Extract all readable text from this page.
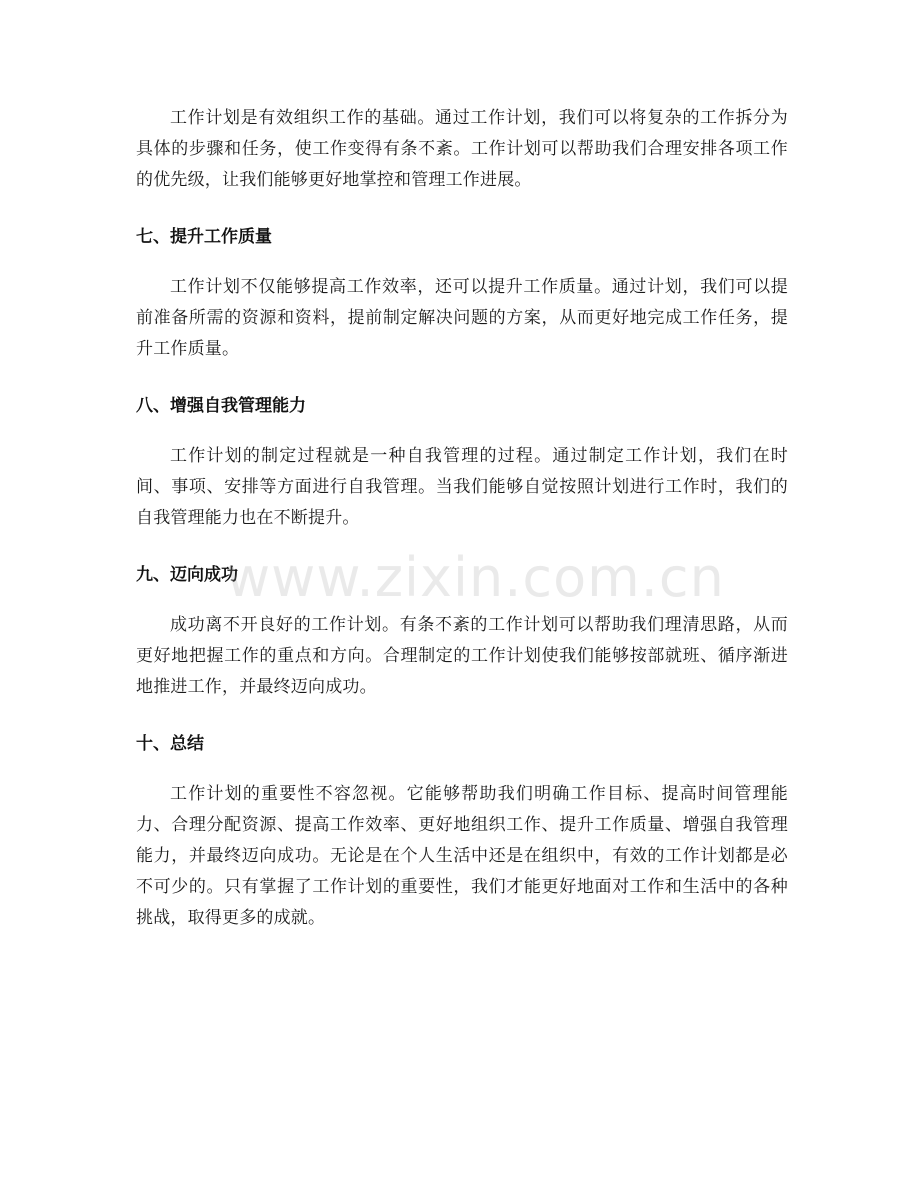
工作计划是有效组织工作的基础。通过工作计划，我们可以将复杂的工作拆分为具体的步骤和任务，使工作变得有条不紊。工作计划可以帮助我们合理安排各项工作的优先级，让我们能够更好地掌控和管理工作进展。

七、提升工作质量

工作计划不仅能够提高工作效率，还可以提升工作质量。通过计划，我们可以提前准备所需的资源和资料，提前制定解决问题的方案，从而更好地完成工作任务，提升工作质量。

八、增强自我管理能力

工作计划的制定过程就是一种自我管理的过程。通过制定工作计划，我们在时间、事项、安排等方面进行自我管理。当我们能够自觉按照计划进行工作时，我们的自我管理能力也在不断提升。

九、迈向成功

成功离不开良好的工作计划。有条不紊的工作计划可以帮助我们理清思路，从而更好地把握工作的重点和方向。合理制定的工作计划使我们能够按部就班、循序渐进地推进工作，并最终迈向成功。

十、总结

工作计划的重要性不容忽视。它能够帮助我们明确工作目标、提高时间管理能力、合理分配资源、提高工作效率、更好地组织工作、提升工作质量、增强自我管理能力，并最终迈向成功。无论是在个人生活中还是在组织中，有效的工作计划都是必不可少的。只有掌握了工作计划的重要性，我们才能更好地面对工作和生活中的各种挑战，取得更多的成就。

www.zixin.com.cn
